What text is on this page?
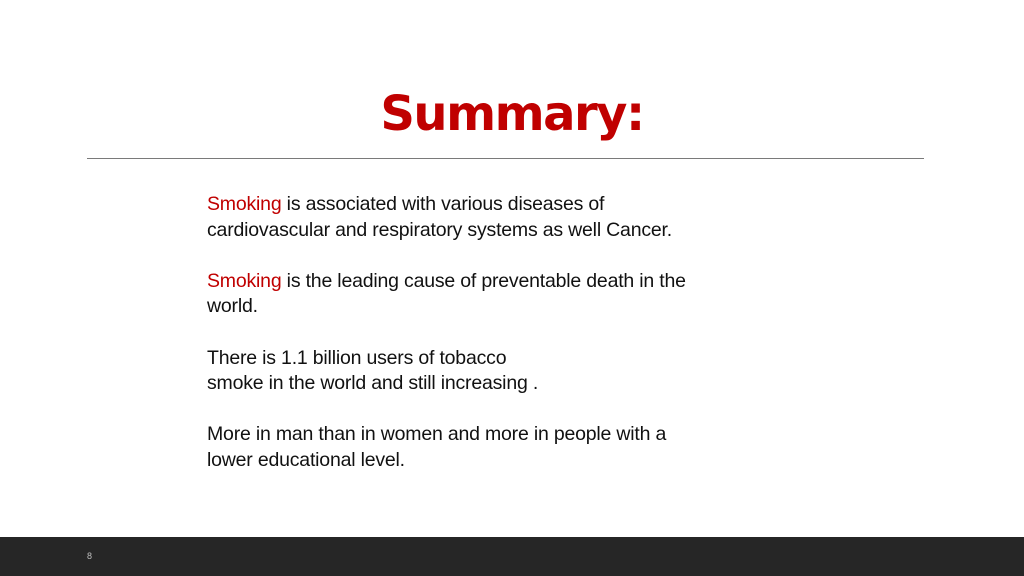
Summary:

Smoking is associated with various diseases of
cardiovascular and respiratory systems as well Cancer.

Smoking is the leading cause of preventable death in the
world.

There is 1.1 billion users of tobacco
smoke in the world and still increasing .

More in man than in women and more in people with a
lower educational level.

8
